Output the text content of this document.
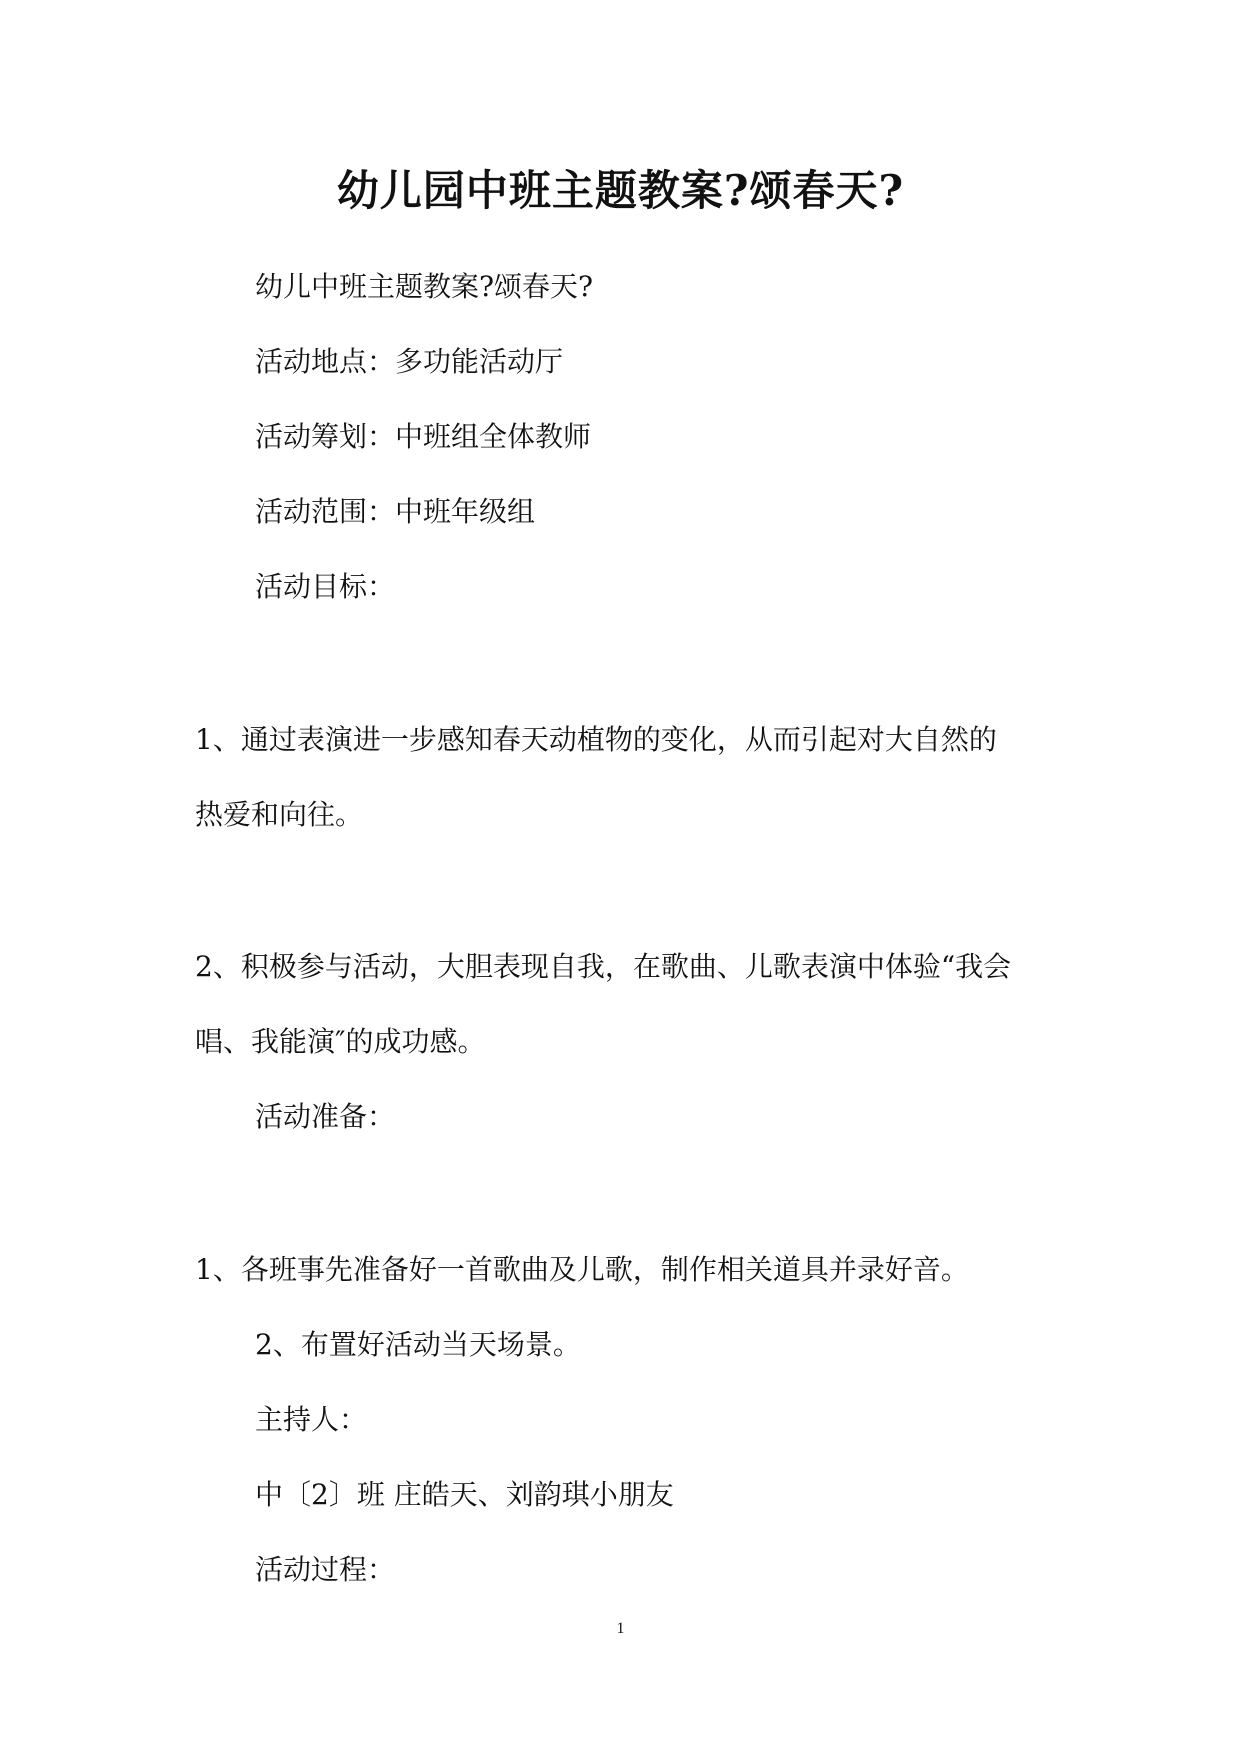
幼儿园中班主题教案?颂春天?
幼儿中班主题教案?颂春天?
活动地点：多功能活动厅
活动筹划：中班组全体教师
活动范围：中班年级组
活动目标：
1、通过表演进一步感知春天动植物的变化，从而引起对大自然的
热爱和向往。
2、积极参与活动，大胆表现自我，在歌曲、儿歌表演中体验“我会
唱、我能演″的成功感。
活动准备：
1、各班事先准备好一首歌曲及儿歌，制作相关道具并录好音。
2、布置好活动当天场景。
主持人：
中〔2〕班 庄皓天、刘韵琪小朋友
活动过程：
1
